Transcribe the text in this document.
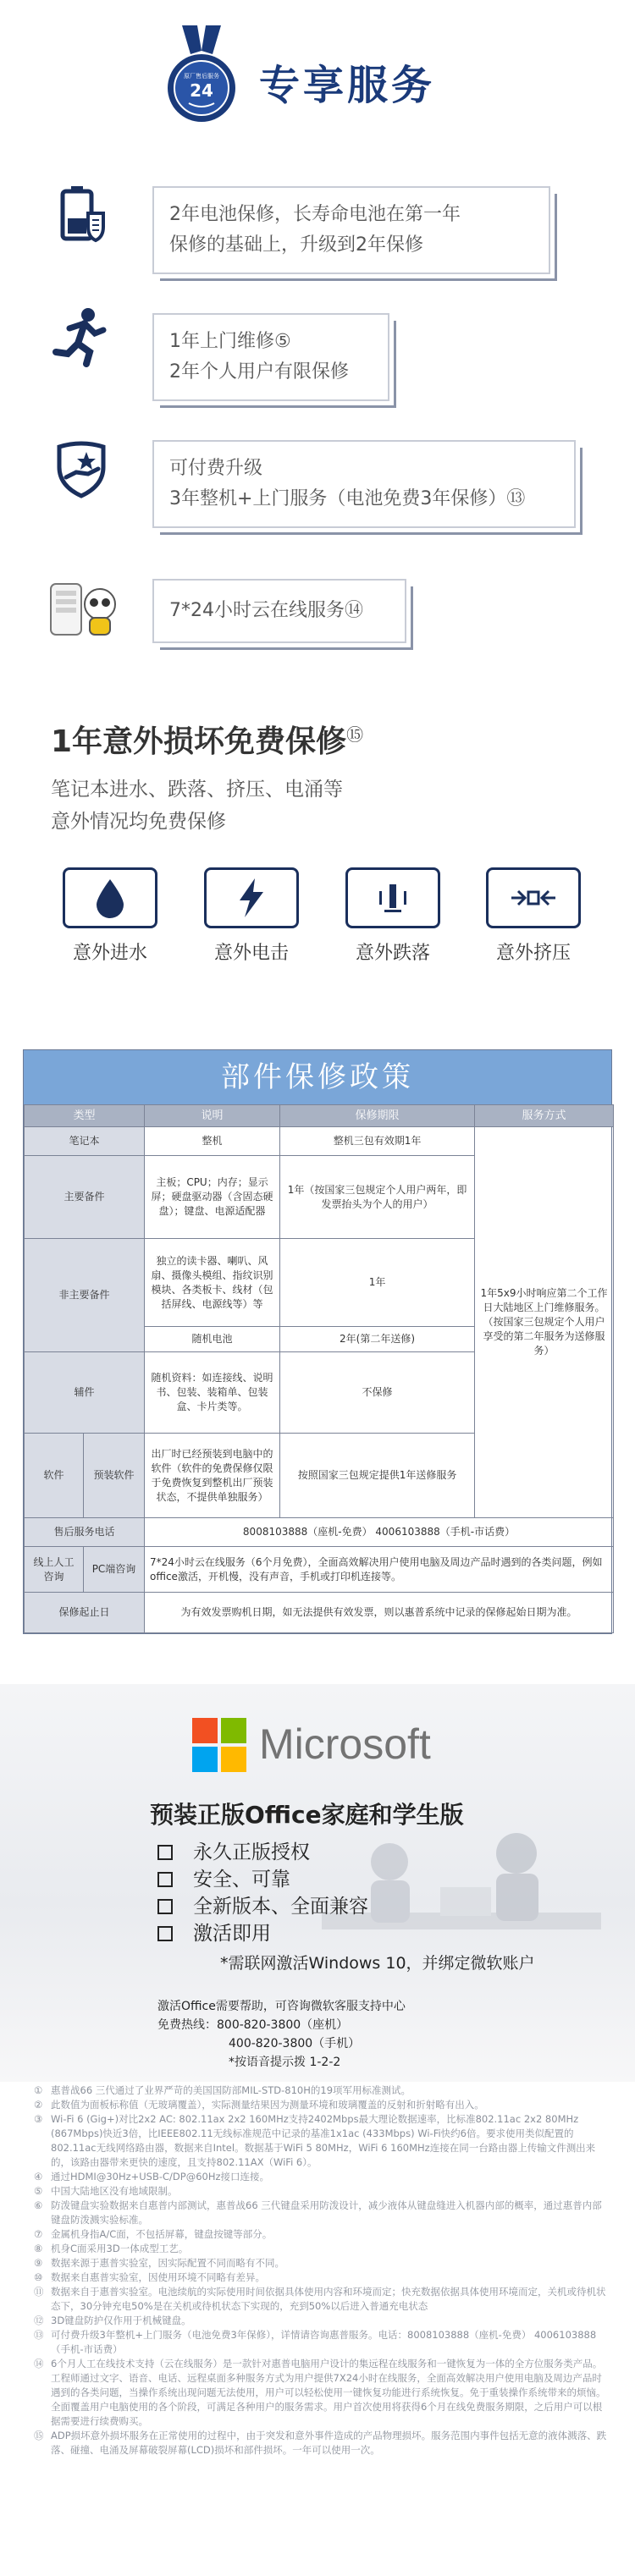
原厂售后服务
24 专享服务
2年电池保修，长寿命电池在第一年
保修的基础上，升级到2年保修
1年上门维修⑤
2年个人用户有限保修
可付费升级
3年整机+上门服务（电池免费3年保修）⑬
7*24小时云在线服务⑭
1年意外损坏免费保修⑮
笔记本进水、跌落、挤压、电涌等
意外情况均免费保修
意外进水	意外电击	意外跌落	意外挤压
部件保修政策
类型		说明	保修期限	服务方式
笔记本		整机	整机三包有效期1年	1年5x9小时响应第二个工作日大陆地区上门维修服务。（按国家三包规定个人用户享受的第二年服务为送修服务）
主要备件		主板；CPU；内存；显示屏；硬盘驱动器（含固态硬盘）；键盘、电源适配器	1年（按国家三包规定个人用户两年，即发票抬头为个人的用户）	
非主要备件		独立的读卡器、喇叭、风扇、摄像头模组、指纹识别模块、各类板卡、线材（包括屏线、电源线等）等	1年	
		随机电池	2年(第二年送修)	
辅件		随机资料：如连接线、说明书、包装、装箱单、包装盒、卡片类等。	不保修	
软件	预装软件	出厂时已经预装到电脑中的软件（软件的免费保修仅限于免费恢复到整机出厂预装状态，不提供单独服务）	按照国家三包规定提供1年送修服务	
售后服务电话		8008103888（座机-免费） 4006103888（手机-市话费）		
线上人工咨询	PC端咨询	7*24小时云在线服务（6个月免费），全面高效解决用户使用电脑及周边产品时遇到的各类问题，例如office激活，开机慢，没有声音，手机或打印机连接等。		
保修起止日		为有效发票购机日期，如无法提供有效发票，则以惠普系统中记录的保修起始日期为准。		
Microsoft
预装正版Office家庭和学生版
永久正版授权
安全、可靠
全新版本、全面兼容
激活即用
*需联网激活Windows 10，并绑定微软账户
激活Office需要帮助，可咨询微软客服支持中心
免费热线：800-820-3800（座机）
400-820-3800（手机）
*按语音提示拨 1-2-2
① 惠普战66 三代通过了业界严苛的美国国防部MIL-STD-810H的19项军用标准测试。
② 此数值为面板标称值（无玻璃覆盖），实际测量结果因为测量环境和玻璃覆盖的反射和折射略有出入。
③ Wi-Fi 6 (Gig+)对比2x2 AC: 802.11ax 2x2 160MHz支持2402Mbps最大理论数据速率，比标准802.11ac 2x2 80MHz (867Mbps)快近3倍，比IEEE802.11无线标准规范中记录的基准1x1ac (433Mbps) Wi-Fi快约6倍。要求使用类似配置的802.11ac无线网络路由器，数据来自Intel。数据基于WiFi 5 80MHz，WiFi 6 160MHz连接在同一台路由器上传输文件测出来的，该路由器带来更快的速度，且支持802.11AX（WiFi 6）。
④ 通过HDMI@30Hz+USB-C/DP@60Hz接口连接。
⑤ 中国大陆地区没有地域限制。
⑥ 防泼键盘实验数据来自惠普内部测试，惠普战66 三代键盘采用防泼设计，减少液体从键盘缝进入机器内部的概率，通过惠普内部键盘防泼溅实验标准。
⑦ 金属机身指A/C面，不包括屏幕，键盘按键等部分。
⑧ 机身C面采用3D一体成型工艺。
⑨ 数据来源于惠普实验室，因实际配置不同而略有不同。
⑩ 数据来自惠普实验室，因使用环境不同略有差异。
⑪ 数据来自于惠普实验室。电池续航的实际使用时间依据具体使用内容和环境而定；快充数据依据具体使用环境而定，关机或待机状态下，30分钟充电50%是在关机或待机状态下实现的，充到50%以后进入普通充电状态
⑫ 3D键盘防护仅作用于机械键盘。
⑬ 可付费升级3年整机+上门服务（电池免费3年保修），详情请咨询惠普服务。电话：8008103888（座机-免费） 4006103888（手机-市话费）
⑭ 6个月人工在线技术支持（云在线服务）是一款针对惠普电脑用户设计的集远程在线服务和一键恢复为一体的全方位服务类产品。工程师通过文字、语音、电话、远程桌面多种服务方式为用户提供7X24小时在线服务，全面高效解决用户使用电脑及周边产品时遇到的各类问题，当操作系统出现问题无法使用，用户可以轻松使用一键恢复功能进行系统恢复。免于重装操作系统带来的烦恼。全面覆盖用户电脑使用的各个阶段，可满足各种用户的服务需求。用户首次使用将获得6个月在线免费服务期限，之后用户可以根据需要进行续费购买。
⑮ ADP损坏意外损坏服务在正常使用的过程中，由于突发和意外事件造成的产品物理损坏。服务范围内事件包括无意的液体溅落、跌落、碰撞、电涌及屏幕破裂屏幕(LCD)损坏和部件损坏。一年可以使用一次。
